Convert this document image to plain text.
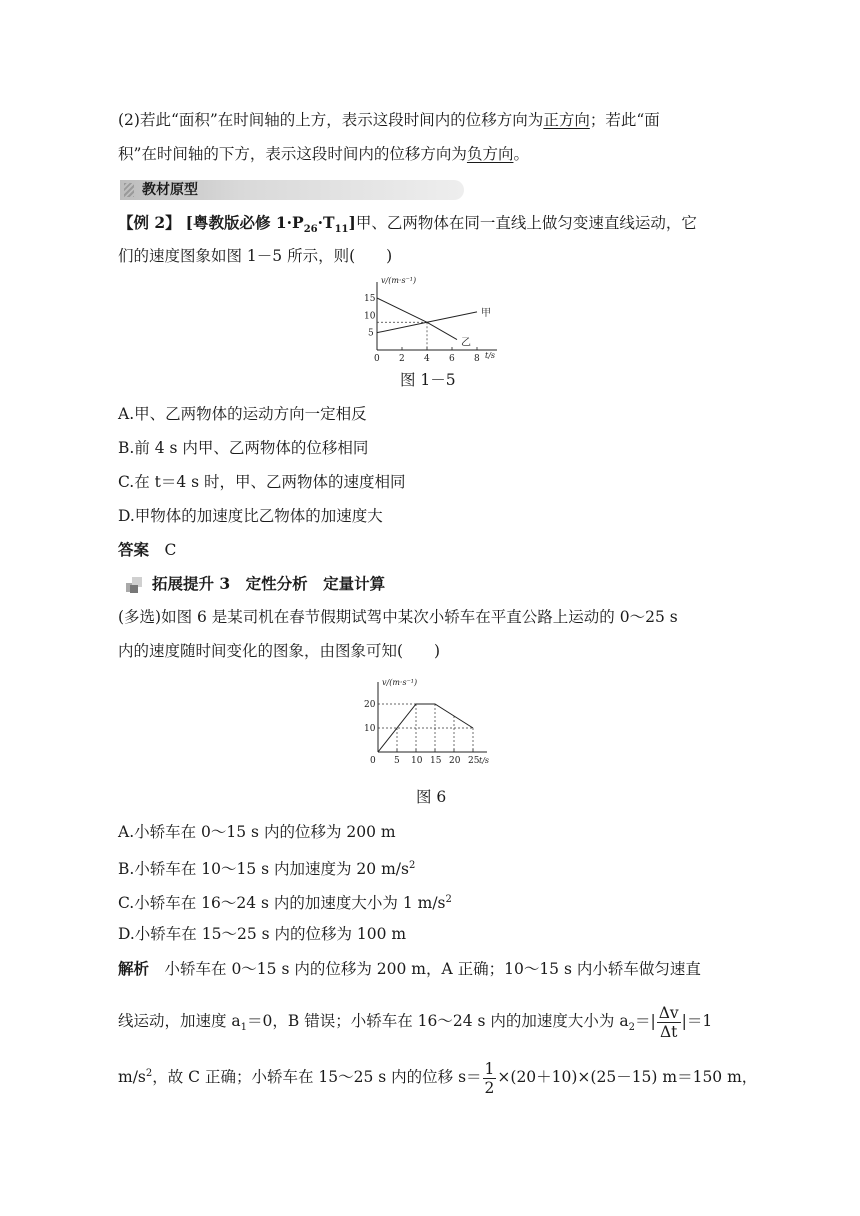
(2)若此“面积”在时间轴的上方，表示这段时间内的位移方向为正方向；若此“面
积”在时间轴的下方，表示这段时间内的位移方向为负方向。
教材原型
【例 2】 [粤教版必修 $1\cdot P_{26}\cdot T_{11}$]甲、乙两物体在同一直线上做匀变速直线运动，它
们的速度图象如图 1－5 所示，则(　　)
v/(m·s⁻¹)
t/s
0 2 4 6 8
5
10
15
甲
乙
图 1－5
A.甲、乙两物体的运动方向一定相反
B.前 4 s 内甲、乙两物体的位移相同
C.在 t＝4 s 时，甲、乙两物体的速度相同
D.甲物体的加速度比乙物体的加速度大
答案  C
拓展提升 3　定性分析　定量计算
(多选)如图 6 是某司机在春节假期试驾中某次小轿车在平直公路上运动的 0～25 s
内的速度随时间变化的图象，由图象可知(　　)
v/(m·s⁻¹)
t/s
0 5 10 15 20 25
10
20
图 6
A.小轿车在 0～15 s 内的位移为 200 m
B.小轿车在 10～15 s 内加速度为 20 $m/s^2$
C.小轿车在 16～24 s 内的加速度大小为 1 $m/s^2$
D.小轿车在 15～25 s 内的位移为 100 m
解析  小轿车在 0～15 s 内的位移为 200 m，A 正确；10～15 s 内小轿车做匀速直
线运动，加速度 $a_1=0$，B 错误；小轿车在 16～24 s 内的加速度大小为 $a_2=| \frac{\Delta v}{\Delta t} |=1$
$m/s^2$，故 C 正确；小轿车在 15～25 s 内的位移 $s= \frac{1}{2} \times(20+10)\times(25-15)$ m＝150 m，
